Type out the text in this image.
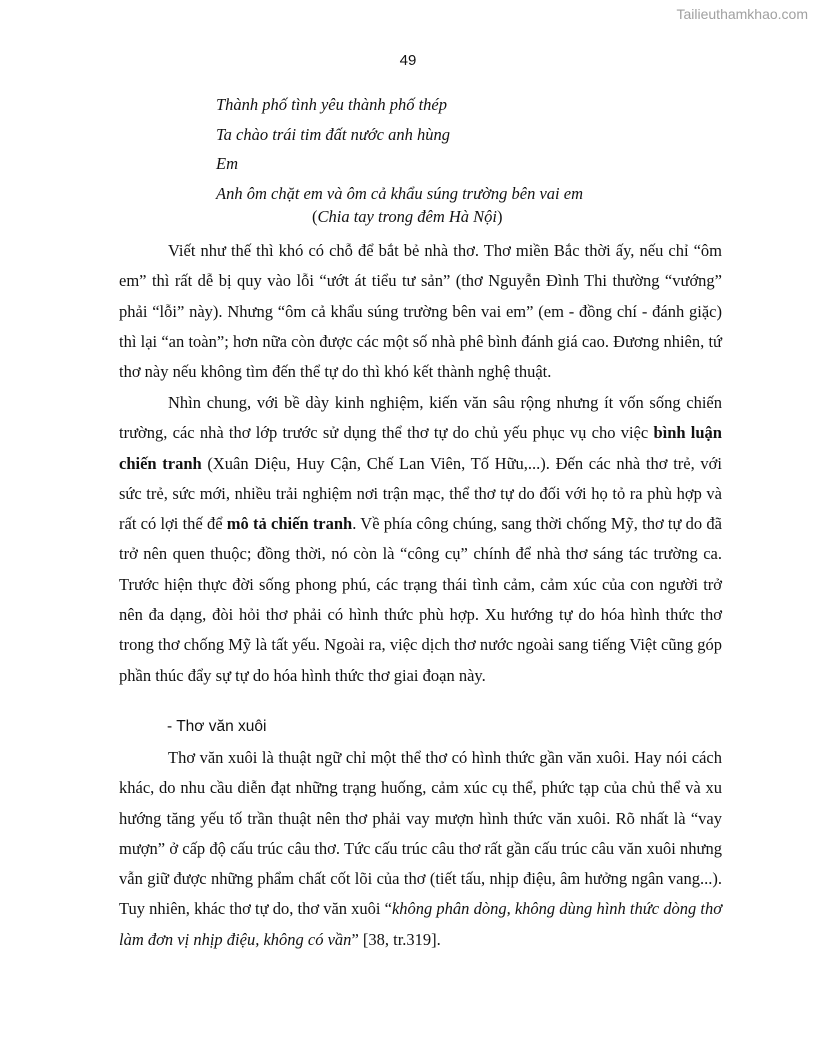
Tailieuthamkhao.com
49
Thành phố tình yêu thành phố thép
Ta chào trái tim đất nước anh hùng
Em
Anh ôm chặt em và ôm cả khẩu súng trường bên vai em
(Chia tay trong đêm Hà Nội)

Viết như thế thì khó có chỗ để bắt bẻ nhà thơ. Thơ miền Bắc thời ấy, nếu chỉ “ôm em” thì rất dễ bị quy vào lỗi “ướt át tiểu tư sản” (thơ Nguyễn Đình Thi thường “vướng” phải “lỗi” này). Nhưng “ôm cả khẩu súng trường bên vai em” (em - đồng chí - đánh giặc) thì lại “an toàn”; hơn nữa còn được các một số nhà phê bình đánh giá cao. Đương nhiên, tứ thơ này nếu không tìm đến thể tự do thì khó kết thành nghệ thuật.

Nhìn chung, với bề dày kinh nghiệm, kiến văn sâu rộng nhưng ít vốn sống chiến trường, các nhà thơ lớp trước sử dụng thể thơ tự do chủ yếu phục vụ cho việc bình luận chiến tranh (Xuân Diệu, Huy Cận, Chế Lan Viên, Tố Hữu,...). Đến các nhà thơ trẻ, với sức trẻ, sức mới, nhiều trải nghiệm nơi trận mạc, thể thơ tự do đối với họ tỏ ra phù hợp và rất có lợi thế để mô tả chiến tranh. Về phía công chúng, sang thời chống Mỹ, thơ tự do đã trở nên quen thuộc; đồng thời, nó còn là “công cụ” chính để nhà thơ sáng tác trường ca. Trước hiện thực đời sống phong phú, các trạng thái tình cảm, cảm xúc của con người trở nên đa dạng, đòi hỏi thơ phải có hình thức phù hợp. Xu hướng tự do hóa hình thức thơ trong thơ chống Mỹ là tất yếu. Ngoài ra, việc dịch thơ nước ngoài sang tiếng Việt cũng góp phần thúc đẩy sự tự do hóa hình thức thơ giai đoạn này.

- Thơ văn xuôi

Thơ văn xuôi là thuật ngữ chỉ một thể thơ có hình thức gần văn xuôi. Hay nói cách khác, do nhu cầu diễn đạt những trạng huống, cảm xúc cụ thể, phức tạp của chủ thể và xu hướng tăng yếu tố trần thuật nên thơ phải vay mượn hình thức văn xuôi. Rõ nhất là “vay mượn” ở cấp độ cấu trúc câu thơ. Tức cấu trúc câu thơ rất gần cấu trúc câu văn xuôi nhưng vẫn giữ được những phẩm chất cốt lõi của thơ (tiết tấu, nhịp điệu, âm hưởng ngân vang...). Tuy nhiên, khác thơ tự do, thơ văn xuôi “không phân dòng, không dùng hình thức dòng thơ làm đơn vị nhịp điệu, không có vần” [38, tr.319].
